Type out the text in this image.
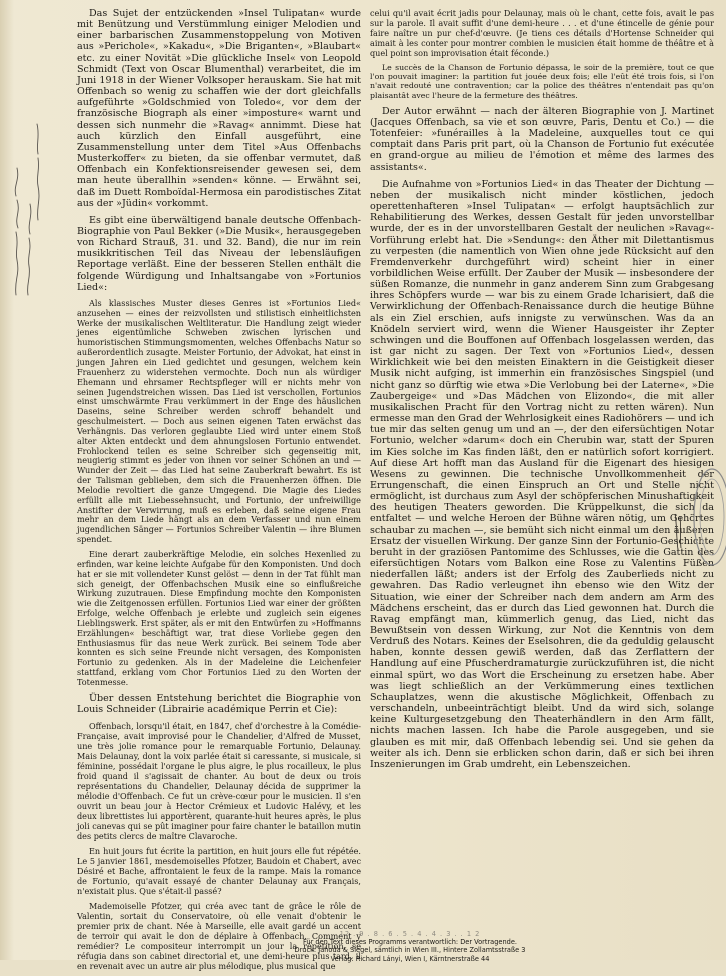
Das Sujet der entzückenden »Insel Tulipatan« wurde mit Benützung und Verstümmlung einiger Melodien und einer barbarischen Zusammenstoppelung von Motiven aus »Perichole«, »Kakadu«, »Die Briganten«, »Blaubart« etc. zu einer Novität »Die glückliche Insel« von Leopold Schmidt (Text von Oscar Blumenthal) verarbeitet, die im Juni 1918 in der Wiener Volksoper herauskam. Sie hat mit Offenbach so wenig zu schaffen wie der dort gleichfalls aufgeführte »Goldschmied von Toledo«, vor dem der französische Biograph als einer »imposture« warnt und dessen sich nunmehr die »Ravag« annimmt. Diese hat auch kürzlich den Einfall ausgeführt, eine Zusammenstellung unter dem Titel »Aus Offenbachs Musterkoffer« zu bieten, da sie offenbar vermutet, daß Offenbach ein Konfektionsreisender gewesen sei, dem man heute überallhin »senden« könne. — Erwähnt sei, daß im Duett Romboïdal-Hermosa ein parodistisches Zitat aus der »Jüdin« vorkommt.

Es gibt eine überwältigend banale deutsche Offenbach-Biographie von Paul Bekker (»Die Musik«, herausgegeben von Richard Strauß, 31. und 32. Band), die nur im rein musikkritischen Teil das Niveau der lebensläufigen Reportage verläßt. Eine der besseren Stellen enthält die folgende Würdigung und Inhaltsangabe von »Fortunios Lied«:

Als klassisches Muster dieses Genres ist »Fortunios Lied« anzusehen — eines der reizvollsten und stilistisch einheitlichsten Werke der musikalischen Weltliteratur. Die Handlung zeigt wieder jenes eigentümliche Schweben zwischen lyrischen und humoristischen Stimmungsmomenten, welches Offenbachs Natur so außerordentlich zusagte. Meister Fortunio, der Advokat, hat einst in jungen Jahren ein Lied gedichtet und gesungen, welchem kein Frauenherz zu widerstehen vermochte. Doch nun als würdiger Ehemann und ehrsamer Rechtspfleger will er nichts mehr von seinen Jugendstreichen wissen. Das Lied ist verschollen, Fortunios einst umschwärmte Frau verkümmert in der Enge des häuslichen Daseins, seine Schreiber werden schroff behandelt und geschulmeistert. — Doch aus seinen eigenen Taten erwächst das Verhängnis. Das verloren geglaubte Lied wird unter einem Stoß alter Akten entdeckt und dem ahnungslosen Fortunio entwendet. Frohlockend teilen es seine Schreiber sich gegenseitig mit, neugierig stimmt es jeder von ihnen vor seiner Schönen an und — Wunder der Zeit — das Lied hat seine Zauberkraft bewahrt. Es ist der Talisman geblieben, dem sich die Frauenherzen öffnen. Die Melodie revoltiert die ganze Umgegend. Die Magie des Liedes erfüllt alle mit Liebessehnsucht, und Fortunio, der unfreiwillige Anstifter der Verwirrung, muß es erleben, daß seine eigene Frau mehr an dem Liede hängt als an dem Verfasser und nun einem jugendlichen Sänger — Fortunios Schreiber Valentin — ihre Blumen spendet.

Eine derart zauberkräftige Melodie, ein solches Hexenlied zu erfinden, war keine leichte Aufgabe für den Komponisten. Und doch hat er sie mit vollendeter Kunst gelöst — denn in der Tat fühlt man sich geneigt, der Offenbachschen Musik eine so einflußreiche Wirkung zuzutrauen. Diese Empfindung mochte den Komponisten wie die Zeitgenossen erfüllen. Fortunios Lied war einer der größten Erfolge, welche Offenbach je erlebte und zugleich sein eigenes Lieblingswerk. Erst später, als er mit den Entwürfen zu »Hoffmanns Erzählungen« beschäftigt war, trat diese Vorliebe gegen den Enthusiasmus für das neue Werk zurück. Bei seinem Tode aber konnten es sich seine Freunde nicht versagen, des Komponisten Fortunio zu gedenken. Als in der Madeleine die Leichenfeier stattfand, erklang vom Chor Fortunios Lied zu den Worten der Totenmesse.

Über dessen Entstehung berichtet die Biographie von Louis Schneider (Librairie académique Perrin et Cie):

Offenbach, lorsqu'il était, en 1847, chef d'orchestre à la Comédie-Française, avait improvisé pour le Chandelier, d'Alfred de Musset, une très jolie romance pour le remarquable Fortunio, Delaunay. Mais Delaunay, dont la voix parlée était si caressante, si musicale, si féminine, possédait l'organe le plus aigre, le plus rocailleux, le plus froid quand il s'agissait de chanter. Au bout de deux ou trois représentations du Chandelier, Delaunay décida de supprimer la mélodie d'Offenbach. Ce fut un crève-cœur pour le musicien. Il s'en ouvrit un beau jour à Hector Crémieux et Ludovic Halévy, et les deux librettistes lui apportèrent, quarante-huit heures après, le plus joli canevas qui se pût imaginer pour faire chanter le bataillon mutin des petits clercs de maître Clavaroche.

En huit jours fut écrite la partition, en huit jours elle fut répétée. Le 5 janvier 1861, mesdemoiselles Pfotzer, Baudoin et Chabert, avec Désiré et Bache, affrontaient le feux de la rampe. Mais la romance de Fortunio, qu'avait essayé de chanter Delaunay aux Français, n'existait plus. Que s'était-il passé?

Mademoiselle Pfotzer, qui créa avec tant de grâce le rôle de Valentin, sortait du Conservatoire, où elle venait d'obtenir le premier prix de chant. Née à Marseille, elle avait gardé un accent de terroir qui avait le don de déplaire à Offenbach. Comment y remédier? Le compositeur interrompit un jour la répétition, se réfugia dans son cabinet directorial et, une demi-heure plus tard, il en revenait avec un autre air plus mélodique, plus musical que

celui qu'il avait écrit jadis pour Delaunay, mais où le chant, cette fois, avait le pas sur la parole. Il avait suffit d'une demi-heure . . . et d'une étincelle de génie pour faire naître un pur chef-d'œuvre. (Je tiens ces détails d'Hortense Schneider qui aimait à les conter pour montrer combien le musicien était homme de théâtre et à quel point son improvisation était féconde.)

Le succès de la Chanson de Fortunio dépassa, le soir de la première, tout ce que l'on pouvait imaginer: la partition fut jouée deux fois; elle l'eût été trois fois, si l'on n'avait redouté une contravention; car la police des théâtres n'entendait pas qu'on plaisantât avec l'heure de la fermeture des théâtres.

Der Autor erwähnt — nach der älteren Biographie von J. Martinet (Jacques Offenbach, sa vie et son œuvre, Paris, Dentu et Co.) — die Totenfeier: »funérailles à la Madeleine, auxquelles tout ce qui comptait dans Paris prit part, où la Chanson de Fortunio fut exécutée en grand-orgue au milieu de l'émotion et même des larmes des assistants«.

Die Aufnahme von »Fortunios Lied« in das Theater der Dichtung — neben der musikalisch nicht minder köstlichen, jedoch operettenhafteren »Insel Tulipatan« — erfolgt hauptsächlich zur Rehabilitierung des Werkes, dessen Gestalt für jeden unvorstellbar wurde, der es in der unvorstellbaren Gestalt der neulichen »Ravag«-Vorführung erlebt hat. Die »Sendung«: den Äther mit Dilettantismus zu verpesten (die namentlich von Wien ohne jede Rücksicht auf den Fremdenverkehr durchgeführt wird) scheint hier in einer vorbildlichen Weise erfüllt. Der Zauber der Musik — insbesondere der süßen Romanze, die nunmehr in ganz anderem Sinn zum Grabgesang ihres Schöpfers wurde — war bis zu einem Grade lcharisiert, daß die Verwirklichung der Offenbach-Renaissance durch die heutige Bühne als ein Ziel erschien, aufs innigste zu verwünschen. Was da an Knödeln serviert wird, wenn die Wiener Hausgeister ihr Zepter schwingen und die Bouffonen auf Offenbach losgelassen werden, das ist gar nicht zu sagen. Der Text von »Fortunios Lied«, dessen Wirklichkeit wie bei den meisten Einaktern in die Geistigkeit dieser Musik nicht aufging, ist immerhin ein französisches Singspiel (und nicht ganz so dürftig wie etwa »Die Verlobung bei der Laterne«, »Die Zaubergeige« und »Das Mädchen von Elizondo«, die mit aller musikalischen Pracht für den Vortrag nicht zu retten wären). Nun ermesse man den Grad der Wehrlosigkeit eines Radiohörers — und ich tue mir das selten genug um und an —, der den eifersüchtigen Notar Fortunio, welcher »darum« doch ein Cherubin war, statt der Spuren im Kies solche im Kas finden läßt, den er natürlich sofort korrigiert. Auf diese Art hofft man das Ausland für die Eigenart des hiesigen Wesens zu gewinnen. Die technische Unvollkommenheit der Errungenschaft, die einen Einspruch an Ort und Stelle nicht ermöglicht, ist durchaus zum Asyl der schöpferischen Minushaftigkeit des heutigen Theaters geworden. Die Krüppelkunst, die sich da entfaltet — und welche Heroen der Bühne wären nötig, um Gehörtes schaubar zu machen —, sie bemüht sich nicht einmal um den äußeren Ersatz der visuellen Wirkung. Der ganze Sinn der Fortunio-Geschichte beruht in der graziösen Pantomime des Schlusses, wie die Gattin des eifersüchtigen Notars vom Balkon eine Rose zu Valentins Füßen niederfallen läßt; anders ist der Erfolg des Zauberlieds nicht zu gewahren. Das Radio verleugnet ihn ebenso wie den Witz der Situation, wie einer der Schreiber nach dem andern am Arm des Mädchens erscheint, das er durch das Lied gewonnen hat. Durch die Ravag empfängt man, kümmerlich genug, das Lied, nicht das Bewußtsein von dessen Wirkung, zur Not die Kenntnis von dem Verdruß des Notars. Keines der Eselsohren, die da geduldig gelauscht haben, konnte dessen gewiß werden, daß das Zerflattern der Handlung auf eine Pfuscherdramaturgie zurückzuführen ist, die nicht einmal spürt, wo das Wort die Erscheinung zu ersetzen habe. Aber was liegt schließlich an der Verkümmerung eines textlichen Schauplatzes, wenn die akustische Möglichkeit, Offenbach zu verschandeln, unbeeinträchtigt bleibt. Und da wird sich, solange keine Kulturgesetzgebung den Theaterhändlern in den Arm fällt, nichts machen lassen. Ich habe die Parole ausgegeben, und sie glauben es mit mir, daß Offenbach lebendig sei. Und sie gehen da weiter als ich. Denn sie erblicken schon darin, daß er sich bei ihren Inszenierungen im Grab umdreht, ein Lebenszeichen.

12 . 9 . 8 . 6 . 5 . 4 . 4 . 3 . . 1 2
Für den Text dieses Programms verantwortlich: Der Vortragende.
Druck: Jahoda & Siegel, sämtlich in Wien III., Hintere Zollamtsstraße 3
Verlag: Richard Lányi, Wien I, Kärntnerstraße 44
